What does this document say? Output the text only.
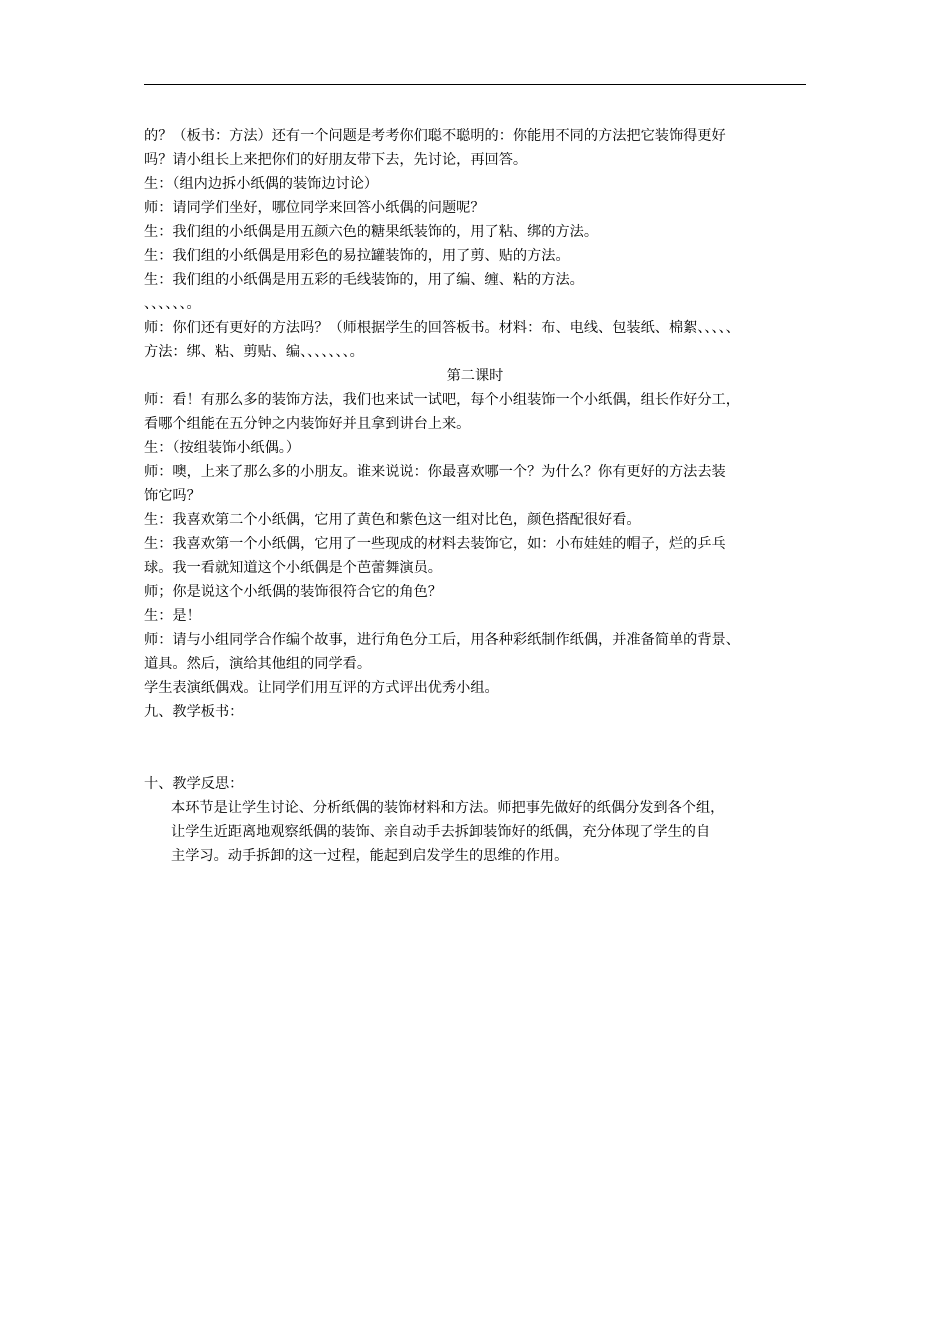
的？（板书：方法）还有一个问题是考考你们聪不聪明的：你能用不同的方法把它装饰得更好
吗？请小组长上来把你们的好朋友带下去，先讨论，再回答。
生：（组内边拆小纸偶的装饰边讨论）
师：请同学们坐好，哪位同学来回答小纸偶的问题呢？
生：我们组的小纸偶是用五颜六色的糖果纸装饰的，用了粘、绑的方法。
生：我们组的小纸偶是用彩色的易拉罐装饰的，用了剪、贴的方法。
生：我们组的小纸偶是用五彩的毛线装饰的，用了编、缠、粘的方法。
、、、、、、。
师：你们还有更好的方法吗？（师根据学生的回答板书。材料：布、电线、包装纸、棉絮、、、、、
方法：绑、粘、剪贴、编、、、、、、、。
第二课时
师：看！有那么多的装饰方法，我们也来试一试吧，每个小组装饰一个小纸偶，组长作好分工，
看哪个组能在五分钟之内装饰好并且拿到讲台上来。
生：（按组装饰小纸偶。）
师：噢，上来了那么多的小朋友。谁来说说：你最喜欢哪一个？为什么？你有更好的方法去装
饰它吗？
生：我喜欢第二个小纸偶，它用了黄色和紫色这一组对比色，颜色搭配很好看。
生：我喜欢第一个小纸偶，它用了一些现成的材料去装饰它，如：小布娃娃的帽子，烂的乒乓
球。我一看就知道这个小纸偶是个芭蕾舞演员。
师；你是说这个小纸偶的装饰很符合它的角色？
生：是！
师：请与小组同学合作编个故事，进行角色分工后，用各种彩纸制作纸偶，并准备简单的背景、
道具。然后，演给其他组的同学看。
学生表演纸偶戏。让同学们用互评的方式评出优秀小组。
九、教学板书：
十、教学反思：
本环节是让学生讨论、分析纸偶的装饰材料和方法。师把事先做好的纸偶分发到各个组，
让学生近距离地观察纸偶的装饰、亲自动手去拆卸装饰好的纸偶，充分体现了学生的自
主学习。动手拆卸的这一过程，能起到启发学生的思维的作用。
